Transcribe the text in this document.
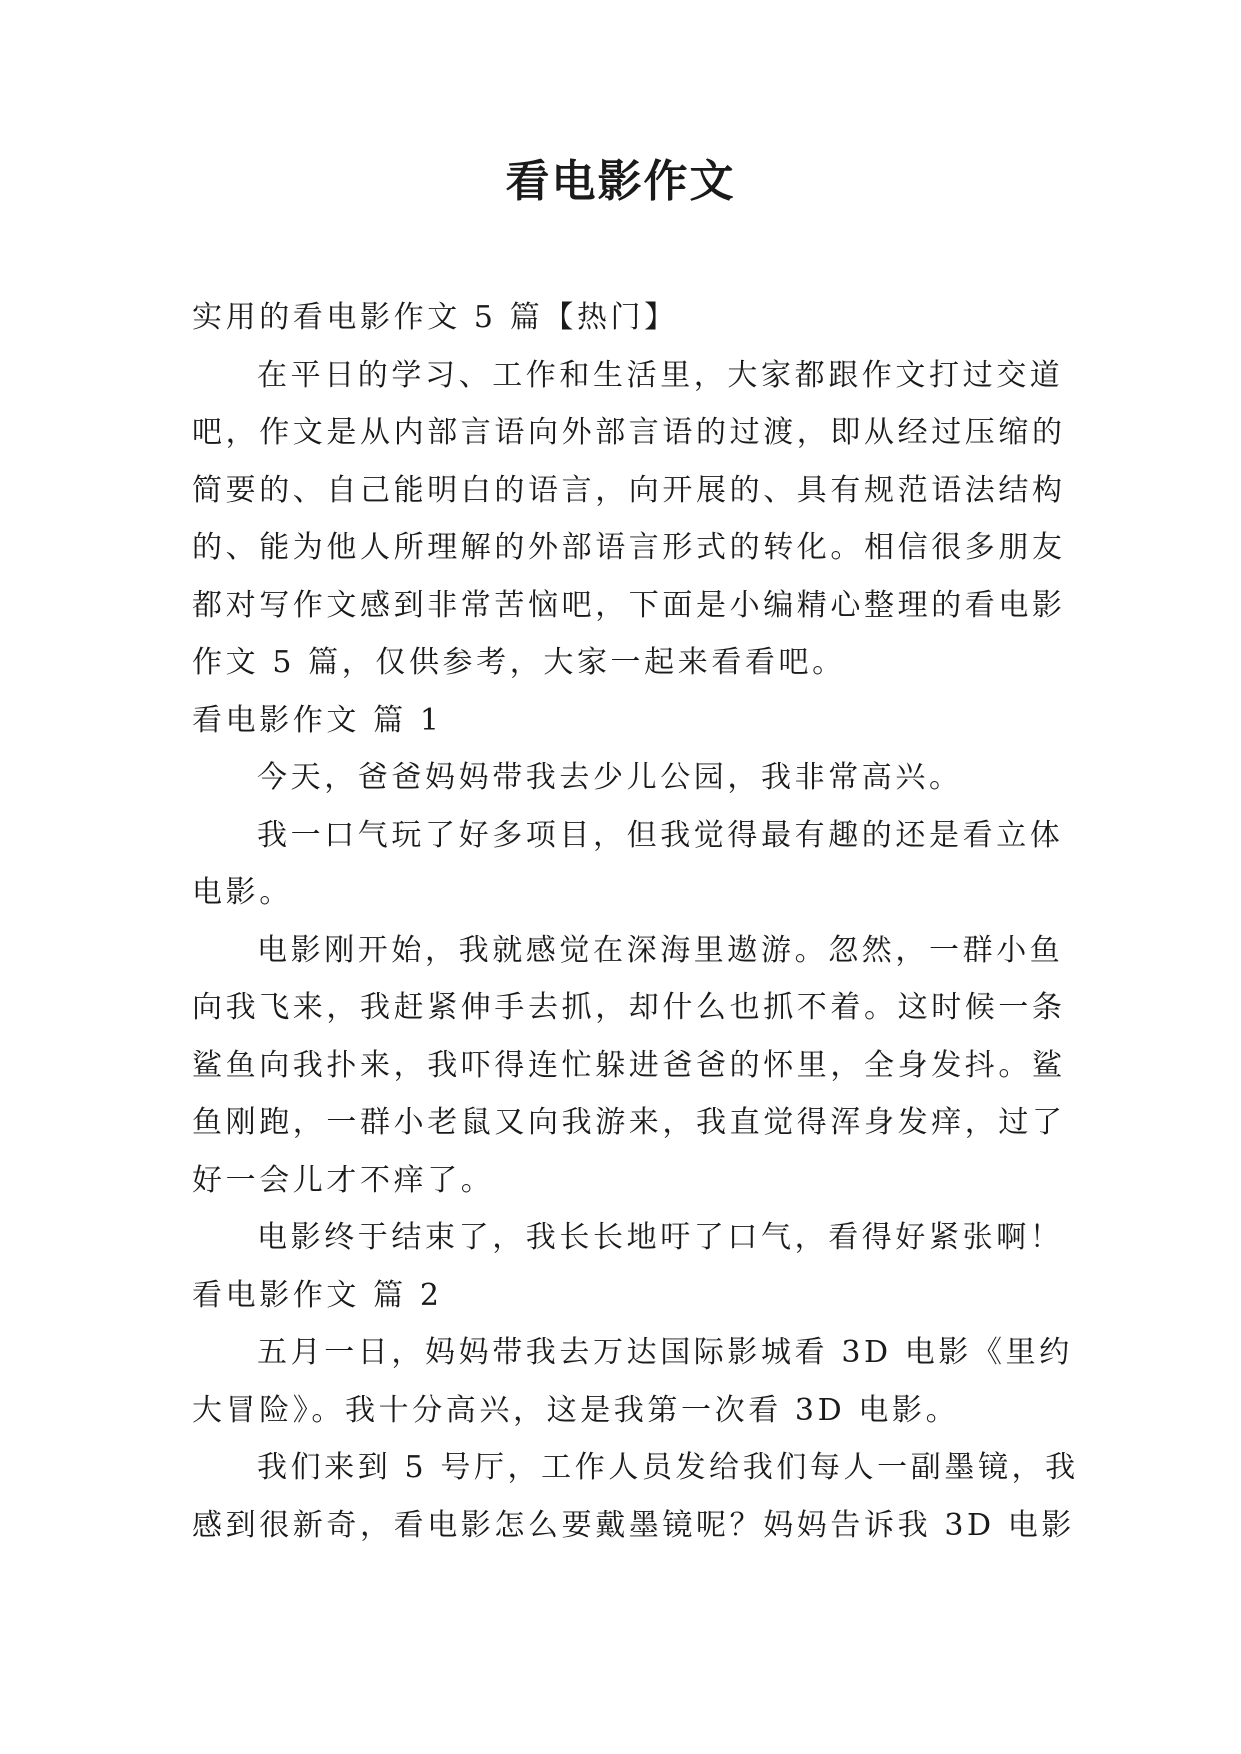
看电影作文
实用的看电影作文 5 篇【热门】
在平日的学习、工作和生活里，大家都跟作文打过交道
吧，作文是从内部言语向外部言语的过渡，即从经过压缩的
简要的、自己能明白的语言，向开展的、具有规范语法结构
的、能为他人所理解的外部语言形式的转化。相信很多朋友
都对写作文感到非常苦恼吧，下面是小编精心整理的看电影
作文 5 篇，仅供参考，大家一起来看看吧。
看电影作文 篇 1
今天，爸爸妈妈带我去少儿公园，我非常高兴。
我一口气玩了好多项目，但我觉得最有趣的还是看立体
电影。
电影刚开始，我就感觉在深海里遨游。忽然，一群小鱼
向我飞来，我赶紧伸手去抓，却什么也抓不着。这时候一条
鲨鱼向我扑来，我吓得连忙躲进爸爸的怀里，全身发抖。鲨
鱼刚跑，一群小老鼠又向我游来，我直觉得浑身发痒，过了
好一会儿才不痒了。
电影终于结束了，我长长地吁了口气，看得好紧张啊！
看电影作文 篇 2
五月一日，妈妈带我去万达国际影城看 3D 电影《里约
大冒险》。我十分高兴，这是我第一次看 3D 电影。
我们来到 5 号厅，工作人员发给我们每人一副墨镜，我
感到很新奇，看电影怎么要戴墨镜呢？妈妈告诉我 3D 电影
